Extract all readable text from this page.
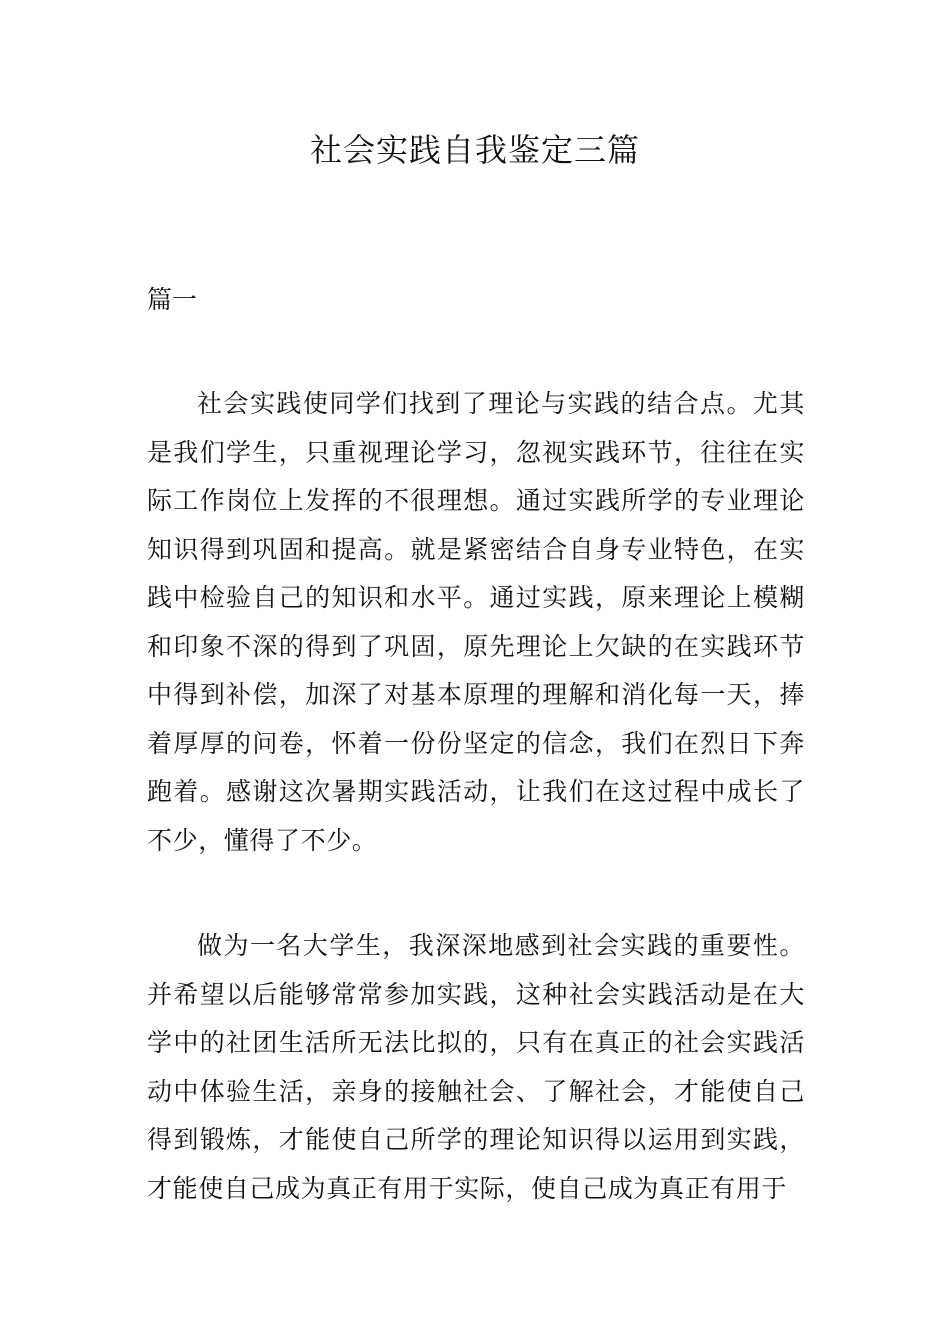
社会实践自我鉴定三篇

篇一

社会实践使同学们找到了理论与实践的结合点。尤其是我们学生，只重视理论学习，忽视实践环节，往往在实际工作岗位上发挥的不很理想。通过实践所学的专业理论知识得到巩固和提高。就是紧密结合自身专业特色，在实践中检验自己的知识和水平。通过实践，原来理论上模糊和印象不深的得到了巩固，原先理论上欠缺的在实践环节中得到补偿，加深了对基本原理的理解和消化每一天，捧着厚厚的问卷，怀着一份份坚定的信念，我们在烈日下奔跑着。感谢这次暑期实践活动，让我们在这过程中成长了不少，懂得了不少。

做为一名大学生，我深深地感到社会实践的重要性。并希望以后能够常常参加实践，这种社会实践活动是在大学中的社团生活所无法比拟的，只有在真正的社会实践活动中体验生活，亲身的接触社会、了解社会，才能使自己得到锻炼，才能使自己所学的理论知识得以运用到实践，才能使自己成为真正有用于实际，使自己成为真正有用于
